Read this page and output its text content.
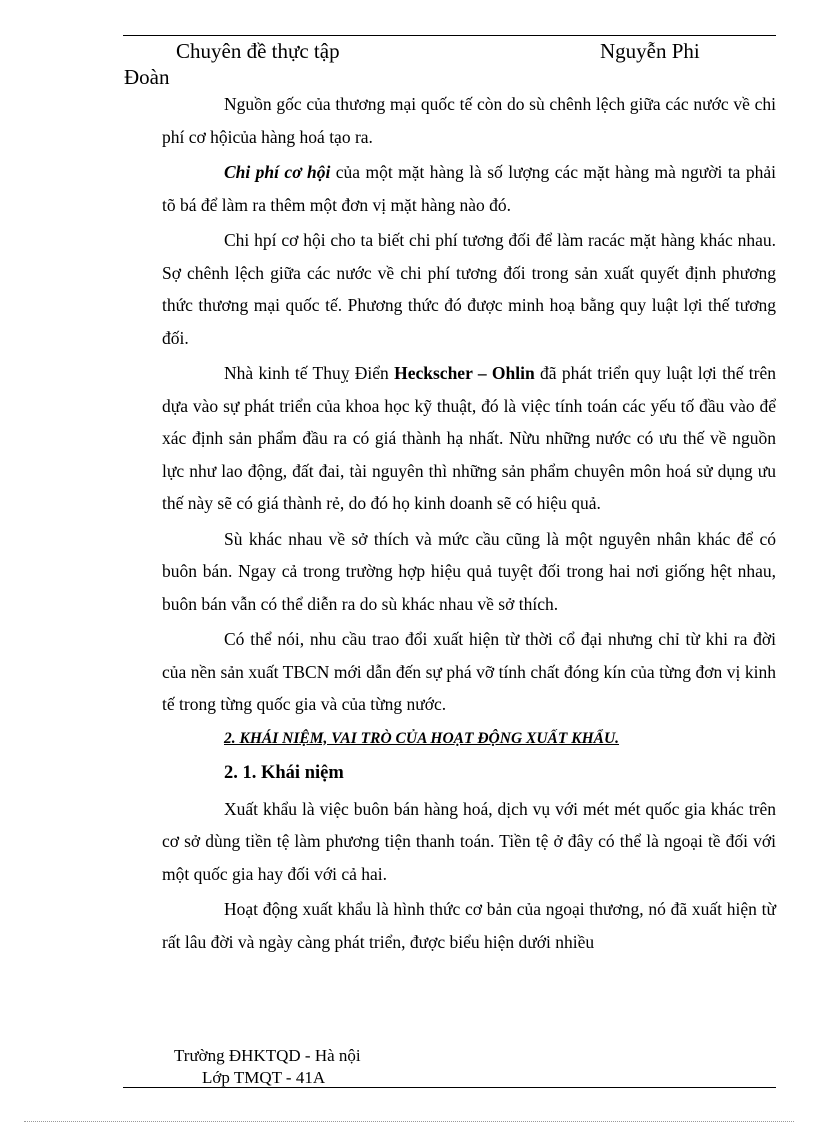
Chuyên đề thực tập	Nguyễn Phi
Đoàn

Nguồn gốc của thương mại quốc tế còn do sù chênh lệch giữa các nước về chi phí cơ hộicủa hàng hoá tạo ra.

Chi phí cơ hội của một mặt hàng là số lượng các mặt hàng mà người ta phải tõ bá để làm ra thêm một đơn vị mặt hàng nào đó.

Chi hpí cơ hội cho ta biết chi phí tương đối để làm racác mặt hàng khác nhau. Sợ chênh lệch giữa các nước về chi phí tương đối trong sản xuất quyết định phương thức thương mại quốc tế. Phương thức đó được minh hoạ bằng quy luật lợi thế tương đối.

Nhà kinh tế Thuỵ Điển Heckscher – Ohlin đã phát triển quy luật lợi thế trên dựa vào sự phát triển của khoa học kỹ thuật, đó là việc tính toán các yếu tố đầu vào để xác định sản phẩm đầu ra có giá thành hạ nhất. Nừu những nước có ưu thế về nguồn lực như lao động, đất đai, tài nguyên thì những sản phẩm chuyên môn hoá sử dụng ưu thế này sẽ có giá thành rẻ, do đó họ kinh doanh sẽ có hiệu quả.

Sù khác nhau về sở thích và mức cầu cũng là một nguyên nhân khác để có buôn bán. Ngay cả trong trường hợp hiệu quả tuyệt đối trong hai nơi giống hệt nhau, buôn bán vẫn có thể diễn ra do sù khác nhau về sở thích.

Có thể nói, nhu cầu trao đổi xuất hiện từ thời cổ đại nhưng chỉ từ khi ra đời của nền sản xuất TBCN mới dẫn đến sự phá vỡ tính chất đóng kín của từng đơn vị kinh tế trong từng quốc gia và của từng nước.

2. KHÁI NIỆM, VAI TRÒ CỦA HOẠT ĐỘNG XUẤT KHẨU.
2. 1. Khái niệm

Xuất khẩu là việc buôn bán hàng hoá, dịch vụ với mét mét quốc gia khác trên cơ sở dùng tiền tệ làm phương tiện thanh toán. Tiền tệ ở đây có thể là ngoại tề đối với một quốc gia hay đối với cả hai.

Hoạt động xuất khẩu là hình thức cơ bản của ngoại thương, nó đã xuất hiện từ rất lâu đời và ngày càng phát triển, được biểu hiện dưới nhiều

Trường ĐHKTQD - Hà nội
Lớp TMQT - 41A
